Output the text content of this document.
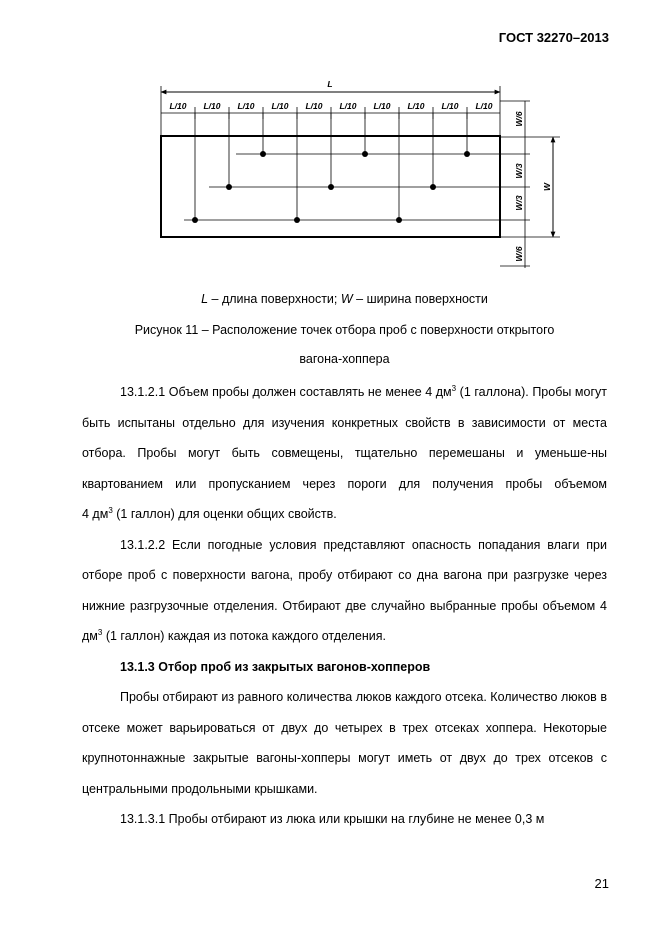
ГОСТ 32270–2013
L
L/10 L/10 L/10 L/10 L/10 L/10 L/10 L/10 L/10 L/10
W
W/6
W/3
W/3
W/6
L – длина поверхности; W – ширина поверхности
Рисунок 11 – Расположение точек отбора проб с поверхности открытого
вагона-хоппера

13.1.2.1 Объем пробы должен составлять не менее 4 $дм^3$ (1 галлона). Пробы могут быть испытаны отдельно для изучения конкретных свойств в зависимости от места отбора. Пробы могут быть совмещены, тщательно перемешаны и уменьше-ны квартованием или пропусканием через пороги для получения пробы объемом

4 $дм^3$ (1 галлон) для оценки общих свойств.

13.1.2.2 Если погодные условия представляют опасность попадания влаги при отборе проб с поверхности вагона, пробу отбирают со дна вагона при разгрузке через нижние разгрузочные отделения. Отбирают две случайно выбранные пробы объемом 4 $дм^3$ (1 галлон) каждая из потока каждого отделения.

13.1.3 Отбор проб из закрытых вагонов-хопперов

Пробы отбирают из равного количества люков каждого отсека. Количество люков в отсеке может варьироваться от двух до четырех в трех отсеках хоппера. Некоторые крупнотоннажные закрытые вагоны-хопперы могут иметь от двух до трех отсеков с центральными продольными крышками.

13.1.3.1 Пробы отбирают из люка или крышки на глубине не менее 0,3 м

21
